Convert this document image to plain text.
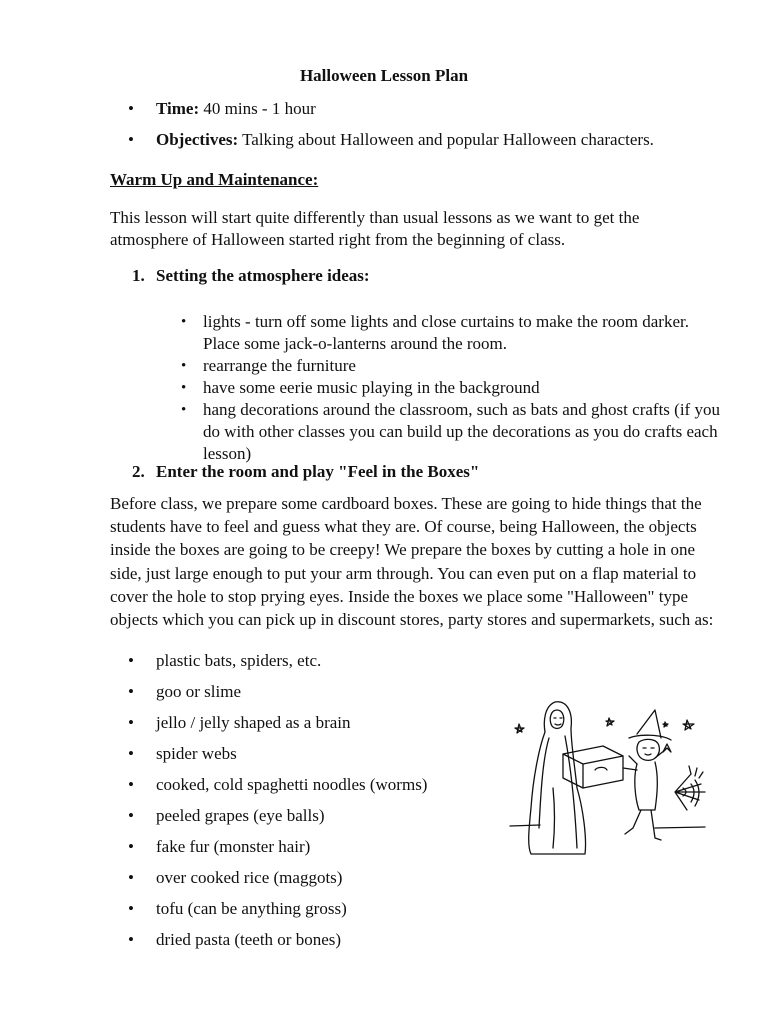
Halloween Lesson Plan
• Time: 40 mins - 1 hour
• Objectives: Talking about Halloween and popular Halloween characters.
Warm Up and Maintenance:

This lesson will start quite differently than usual lessons as we want to get the atmosphere of Halloween started right from the beginning of class.

1. Setting the atmosphere ideas:
• lights - turn off some lights and close curtains to make the room darker. Place some jack-o-lanterns around the room.
• rearrange the furniture
• have some eerie music playing in the background
• hang decorations around the classroom, such as bats and ghost crafts (if you do with other classes you can build up the decorations as you do crafts each lesson)
2. Enter the room and play "Feel in the Boxes"

Before class, we prepare some cardboard boxes. These are going to hide things that the students have to feel and guess what they are. Of course, being Halloween, the objects inside the boxes are going to be creepy! We prepare the boxes by cutting a hole in one side, just large enough to put your arm through. You can even put on a flap material to cover the hole to stop prying eyes. Inside the boxes we place some "Halloween" type objects which you can pick up in discount stores, party stores and supermarkets, such as:

• plastic bats, spiders, etc.
• goo or slime
• jello / jelly shaped as a brain
• spider webs
• cooked, cold spaghetti noodles (worms)
• peeled grapes (eye balls)
• fake fur (monster hair)
• over cooked rice (maggots)
• tofu (can be anything gross)
• dried pasta (teeth or bones)
